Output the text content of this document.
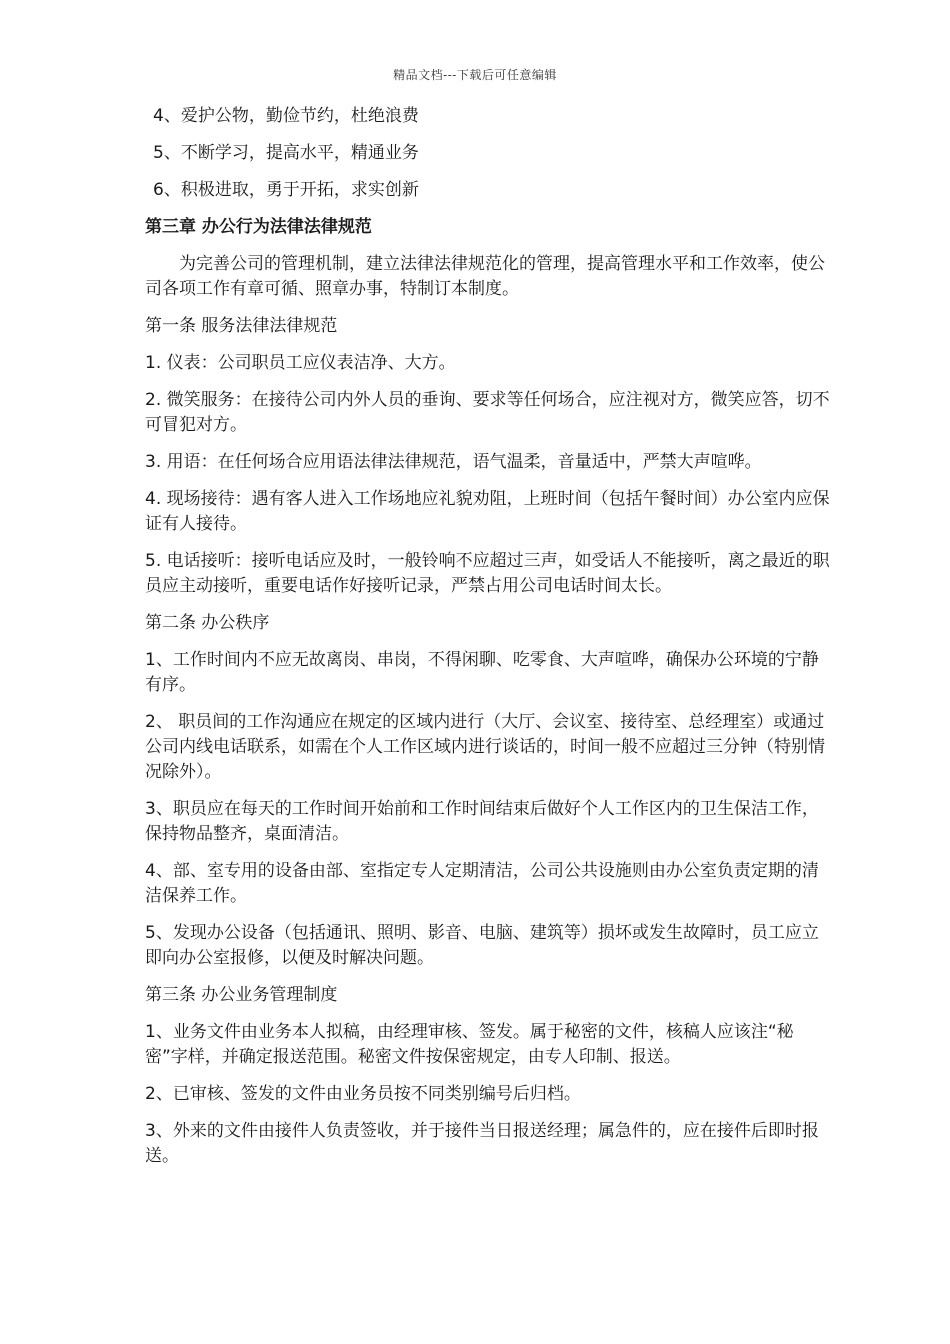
精品文档---下载后可任意编辑
4、爱护公物，勤俭节约，杜绝浪费
5、不断学习，提高水平，精通业务
6、积极进取，勇于开拓，求实创新
第三章 办公行为法律法律规范
为完善公司的管理机制，建立法律法律规范化的管理，提高管理水平和工作效率，使公司各项工作有章可循、照章办事，特制订本制度。
第一条 服务法律法律规范
1. 仪表：公司职员工应仪表洁净、大方。
2. 微笑服务：在接待公司内外人员的垂询、要求等任何场合，应注视对方，微笑应答，切不可冒犯对方。
3. 用语：在任何场合应用语法律法律规范，语气温柔，音量适中，严禁大声喧哗。
4. 现场接待：遇有客人进入工作场地应礼貌劝阻，上班时间（包括午餐时间）办公室内应保证有人接待。
5. 电话接听：接听电话应及时，一般铃响不应超过三声，如受话人不能接听，离之最近的职员应主动接听，重要电话作好接听记录，严禁占用公司电话时间太长。
第二条 办公秩序
1、工作时间内不应无故离岗、串岗，不得闲聊、吃零食、大声喧哗，确保办公环境的宁静有序。
2、 职员间的工作沟通应在规定的区域内进行（大厅、会议室、接待室、总经理室）或通过公司内线电话联系，如需在个人工作区域内进行谈话的，时间一般不应超过三分钟（特别情况除外）。
3、职员应在每天的工作时间开始前和工作时间结束后做好个人工作区内的卫生保洁工作，保持物品整齐，桌面清洁。
4、部、室专用的设备由部、室指定专人定期清洁，公司公共设施则由办公室负责定期的清洁保养工作。
5、发现办公设备（包括通讯、照明、影音、电脑、建筑等）损坏或发生故障时，员工应立即向办公室报修，以便及时解决问题。
第三条 办公业务管理制度
1、业务文件由业务本人拟稿，由经理审核、签发。属于秘密的文件，核稿人应该注“秘密”字样，并确定报送范围。秘密文件按保密规定，由专人印制、报送。
2、已审核、签发的文件由业务员按不同类别编号后归档。
3、外来的文件由接件人负责签收，并于接件当日报送经理；属急件的，应在接件后即时报送。
